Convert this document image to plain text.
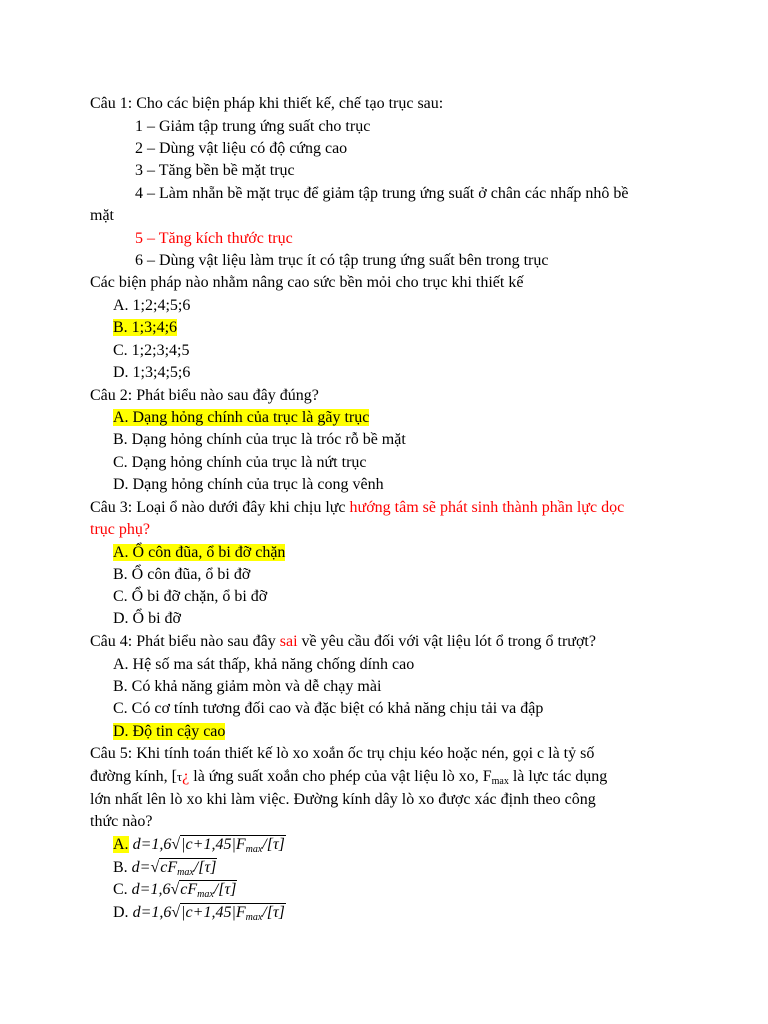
Câu 1: Cho các biện pháp khi thiết kế, chế tạo trục sau:
1 – Giảm tập trung ứng suất cho trục
2 – Dùng vật liệu có độ cứng cao
3 – Tăng bền bề mặt trục
4 – Làm nhẵn bề mặt trục để giảm tập trung ứng suất ở chân các nhấp nhô bề
mặt
5 – Tăng kích thước trục
6 – Dùng vật liệu làm trục ít có tập trung ứng suất bên trong trục
Các biện pháp nào nhằm nâng cao sức bền mỏi cho trục khi thiết kế
A. 1;2;4;5;6
B. 1;3;4;6
C. 1;2;3;4;5
D. 1;3;4;5;6
Câu 2: Phát biểu nào sau đây đúng?
A. Dạng hỏng chính của trục là gãy trục
B. Dạng hỏng chính của trục là tróc rỗ bề mặt
C. Dạng hỏng chính của trục là nứt trục
D. Dạng hỏng chính của trục là cong vênh
Câu 3: Loại ổ nào dưới đây khi chịu lực hướng tâm sẽ phát sinh thành phần lực dọc
trục phụ?
A. Ổ côn đũa, ổ bi đỡ chặn
B. Ổ côn đũa, ổ bi đỡ
C. Ổ bi đỡ chặn, ổ bi đỡ
D. Ổ bi đỡ
Câu 4: Phát biểu nào sau đây sai về yêu cầu đối với vật liệu lót ổ trong ổ trượt?
A. Hệ số ma sát thấp, khả năng chống dính cao
B. Có khả năng giảm mòn và dễ chạy mài
C. Có cơ tính tương đối cao và đặc biệt có khả năng chịu tải va đập
D. Độ tin cậy cao
Câu 5: Khi tính toán thiết kế lò xo xoắn ốc trụ chịu kéo hoặc nén, gọi c là tỷ số
đường kính, [τ¿ là ứng suất xoắn cho phép của vật liệu lò xo, Fmax là lực tác dụng
lớn nhất lên lò xo khi làm việc. Đường kính dây lò xo được xác định theo công
thức nào?
A. $d=1,6√|c+1,45|F_{max}/[\tau]$
B. $d=√cF_{max}/[\tau]$
C. $d=1,6√cF_{max}/[\tau]$
D. $d=1,6√|c+1,45|F_{max}/[\tau]$
